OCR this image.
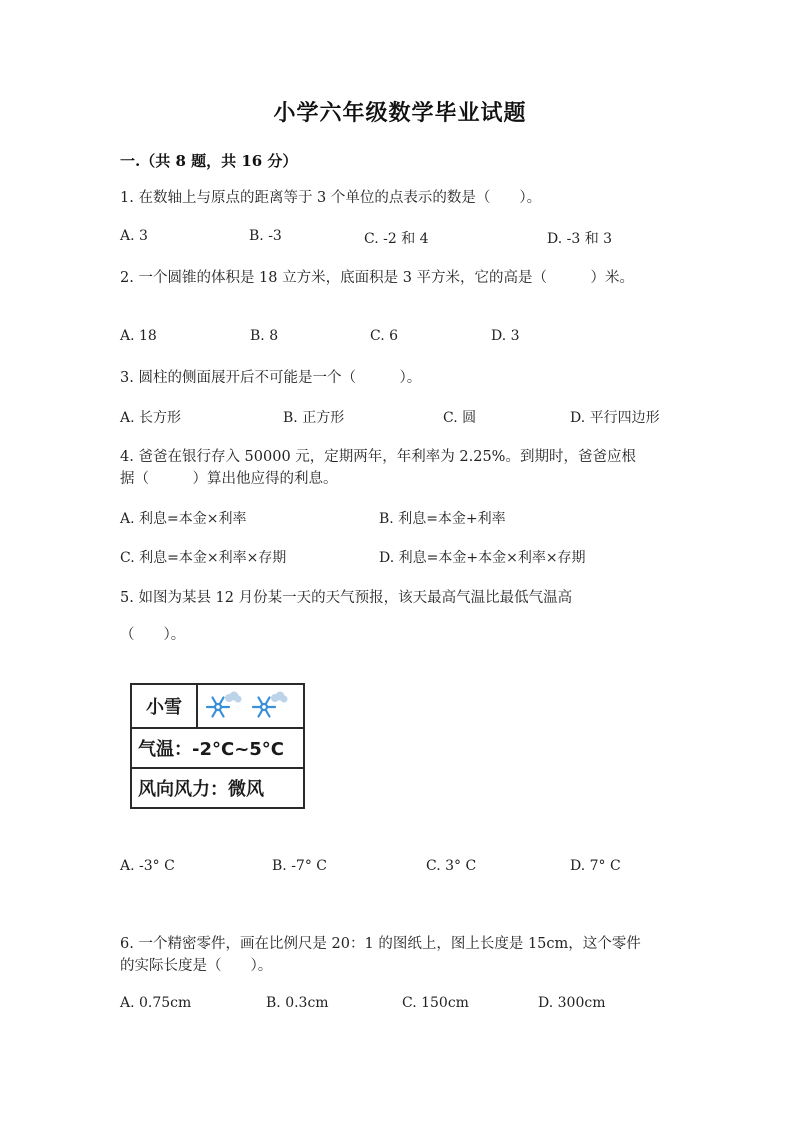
小学六年级数学毕业试题
一.（共 8 题，共 16 分）
1. 在数轴上与原点的距离等于 3 个单位的点表示的数是（　　）。
A. 3	B. -3	C. -2 和 4	D. -3 和 3
2. 一个圆锥的体积是 18 立方米，底面积是 3 平方米，它的高是（　　　）米。
A. 18	B. 8	C. 6	D. 3
3. 圆柱的侧面展开后不可能是一个（　　　）。
A. 长方形	B. 正方形	C. 圆	D. 平行四边形
4. 爸爸在银行存入 50000 元，定期两年，年利率为 2.25%。到期时，爸爸应根
据（　　　）算出他应得的利息。
A. 利息=本金×利率	B. 利息=本金+利率
C. 利息=本金×利率×存期	D. 利息=本金+本金×利率×存期
5. 如图为某县 12 月份某一天的天气预报，该天最高气温比最低气温高
（　　）。
小雪
气温：-2°C~5°C
风向风力：微风
A. -3° C	B. -7° C	C. 3° C	D. 7° C
6. 一个精密零件，画在比例尺是 20：1 的图纸上，图上长度是 15cm，这个零件
的实际长度是（　　）。
A. 0.75cm	B. 0.3cm	C. 150cm	D. 300cm
